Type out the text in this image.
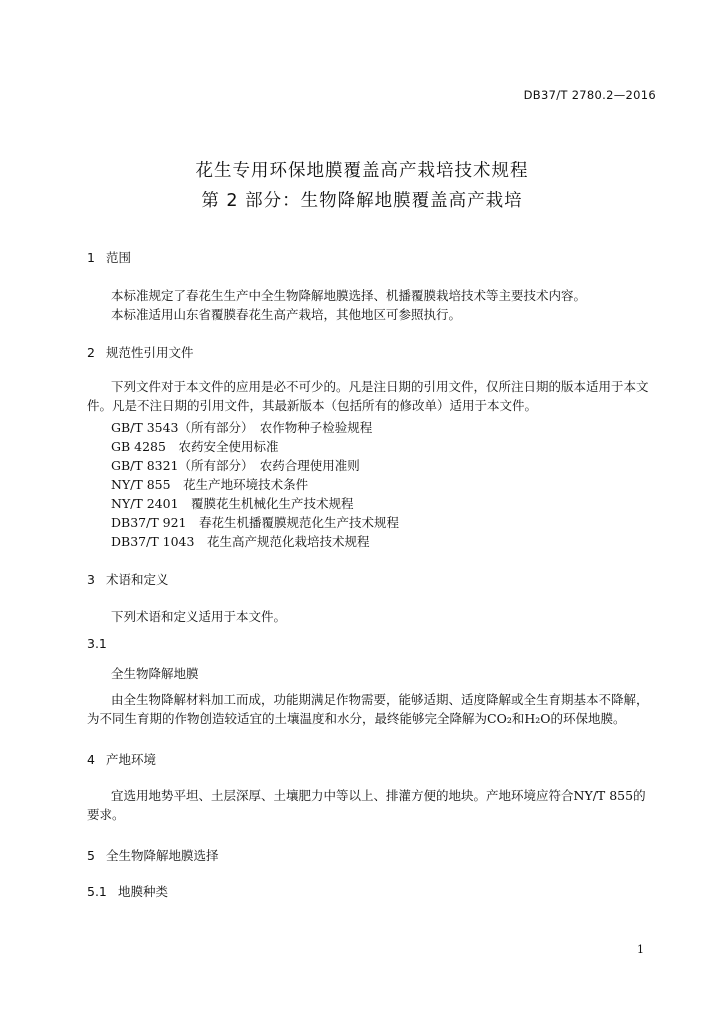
DB37/T 2780.2—2016
花生专用环保地膜覆盖高产栽培技术规程
第 2 部分：生物降解地膜覆盖高产栽培
1 范围
本标准规定了春花生生产中全生物降解地膜选择、机播覆膜栽培技术等主要技术内容。
本标准适用山东省覆膜春花生高产栽培，其他地区可参照执行。
2 规范性引用文件
下列文件对于本文件的应用是必不可少的。凡是注日期的引用文件，仅所注日期的版本适用于本文件。凡是不注日期的引用文件，其最新版本（包括所有的修改单）适用于本文件。
GB/T 3543（所有部分）　农作物种子检验规程
GB 4285　农药安全使用标准
GB/T 8321（所有部分）　农药合理使用准则
NY/T 855　花生产地环境技术条件
NY/T 2401　覆膜花生机械化生产技术规程
DB37/T 921　春花生机播覆膜规范化生产技术规程
DB37/T 1043　花生高产规范化栽培技术规程
3 术语和定义
下列术语和定义适用于本文件。
3.1
全生物降解地膜
由全生物降解材料加工而成，功能期满足作物需要，能够适期、适度降解或全生育期基本不降解，为不同生育期的作物创造较适宜的土壤温度和水分，最终能够完全降解为CO₂和H₂O的环保地膜。
4 产地环境
宜选用地势平坦、土层深厚、土壤肥力中等以上、排灌方便的地块。产地环境应符合NY/T 855的要求。
5 全生物降解地膜选择
5.1 地膜种类
1
